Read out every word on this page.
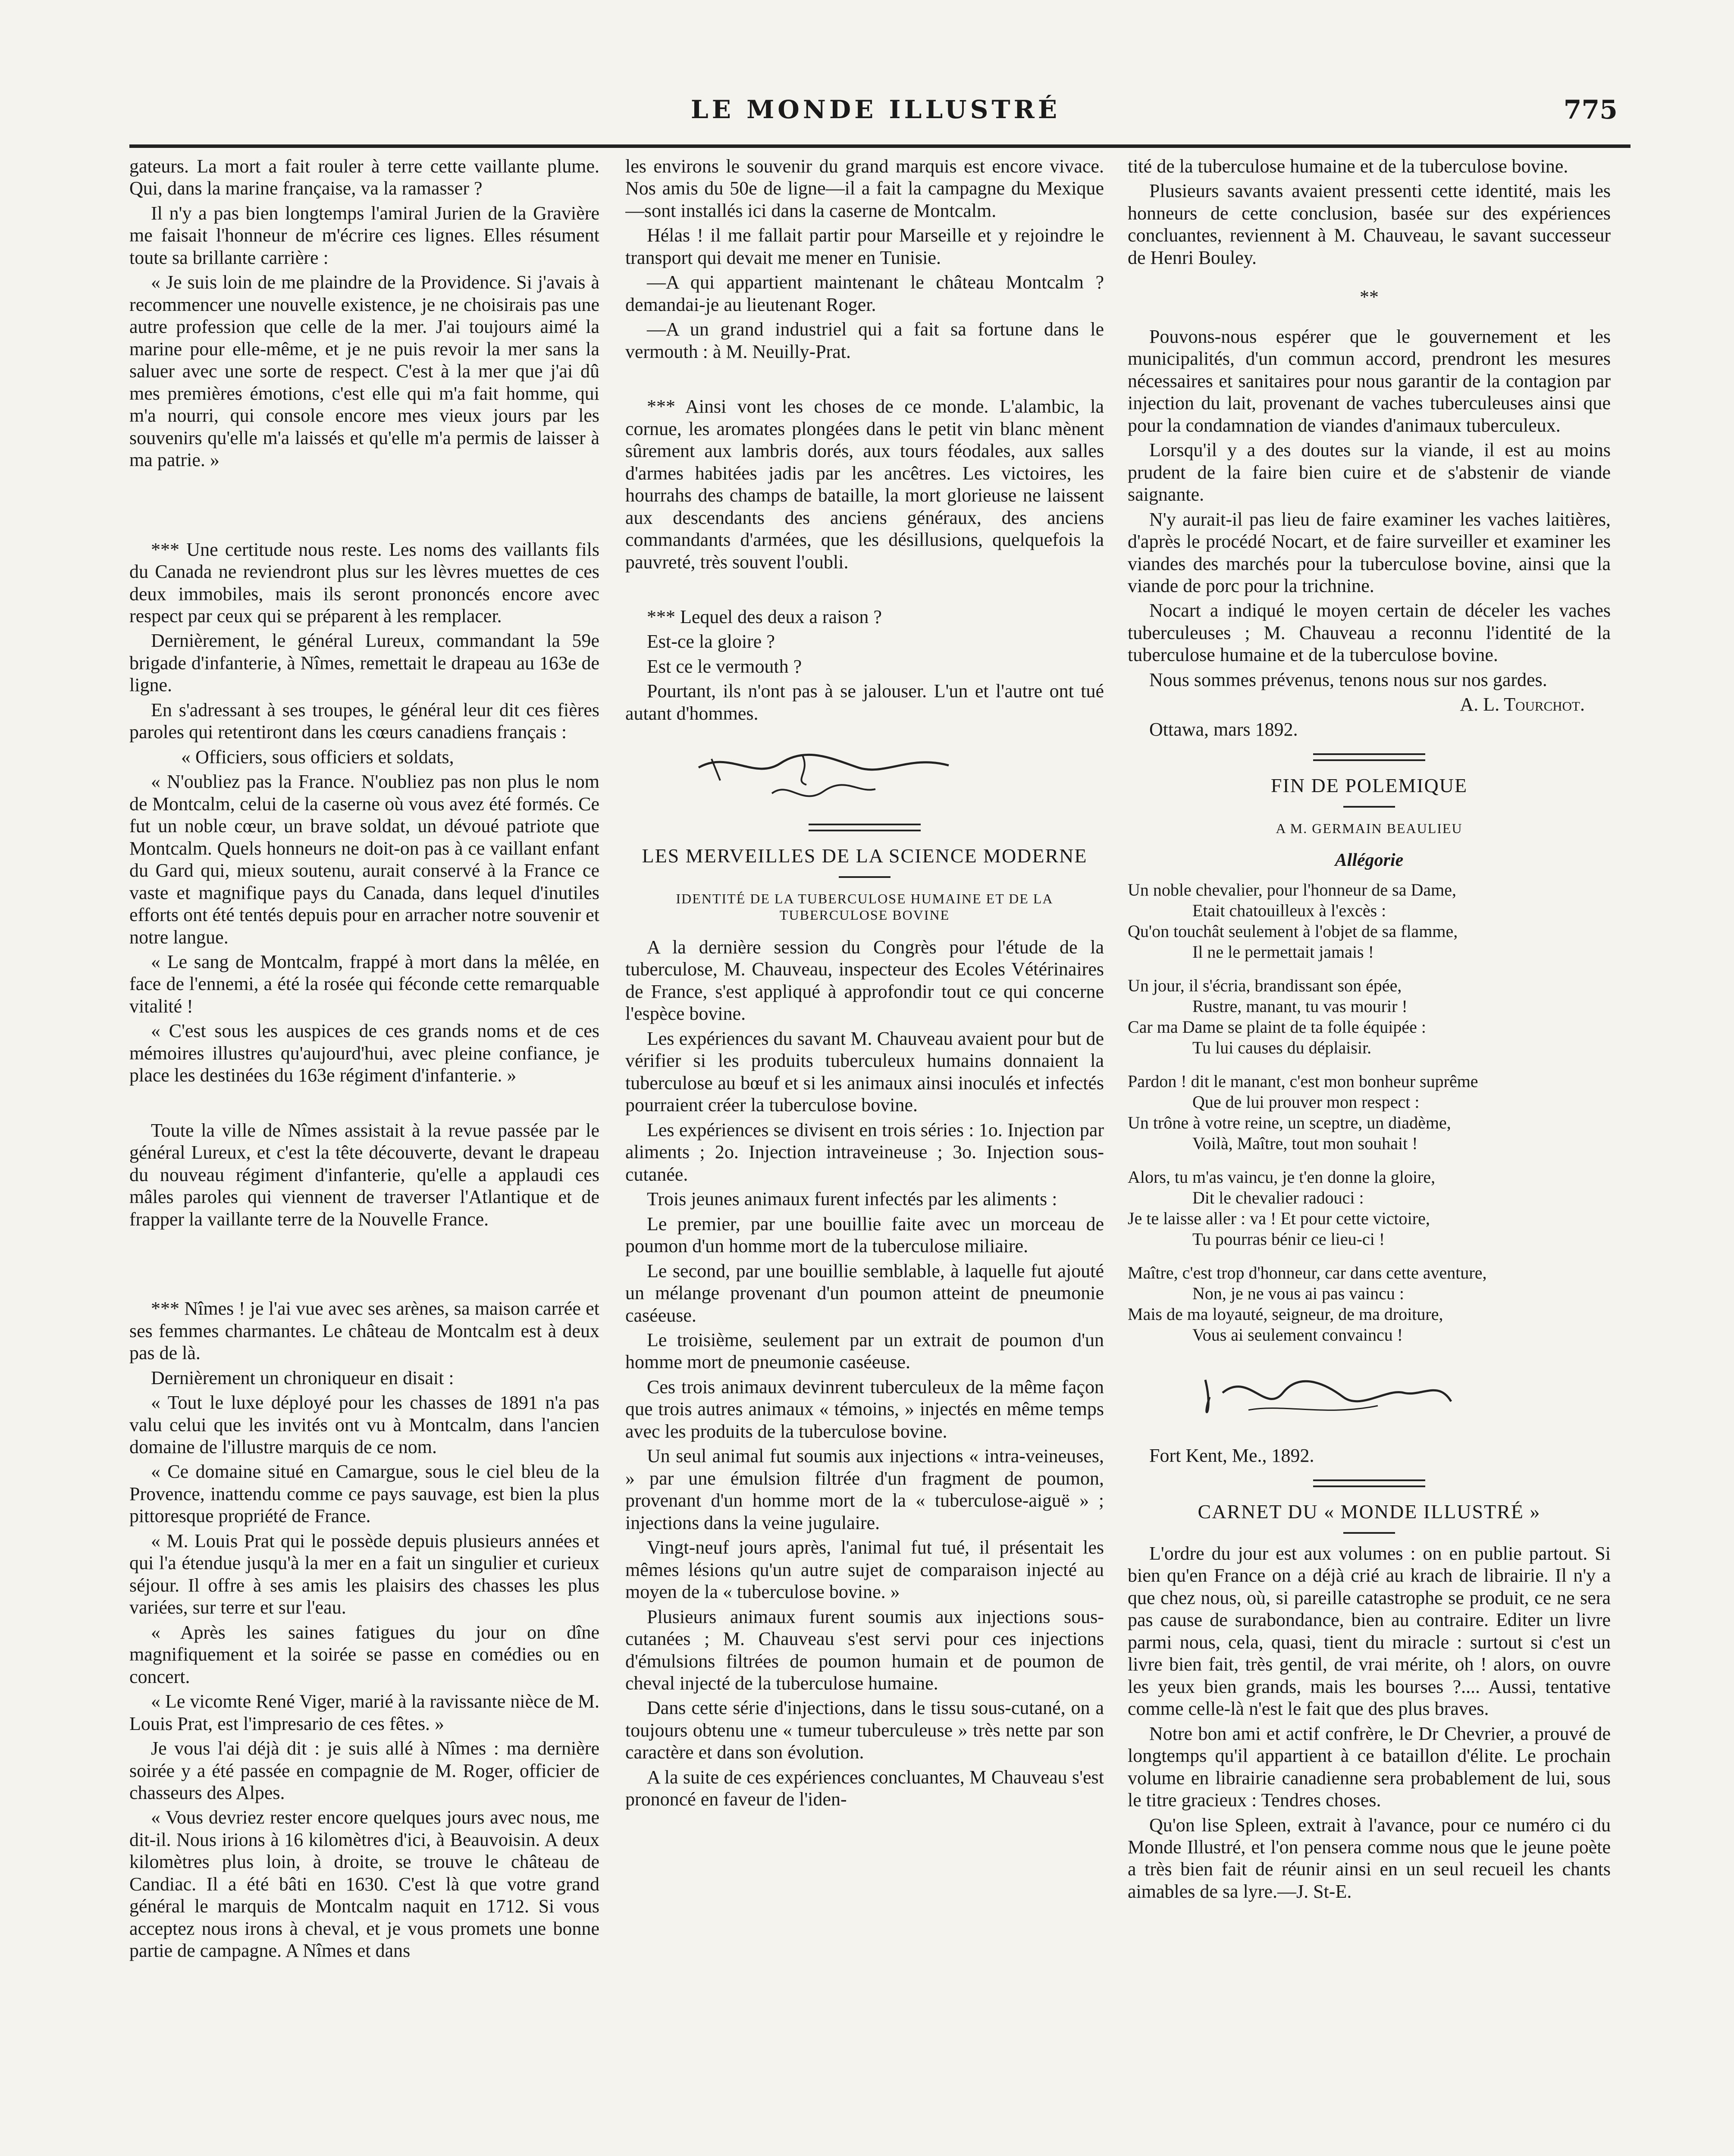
LE MONDE ILLUSTRÉ	775

gateurs. La mort a fait rouler à terre cette vaillante plume. Qui, dans la marine française, va la ramasser ?

Il n'y a pas bien longtemps l'amiral Jurien de la Gravière me faisait l'honneur de m'écrire ces lignes. Elles résument toute sa brillante carrière :

« Je suis loin de me plaindre de la Providence. Si j'avais à recommencer une nouvelle existence, je ne choisirais pas une autre profession que celle de la mer. J'ai toujours aimé la marine pour elle-même, et je ne puis revoir la mer sans la saluer avec une sorte de respect. C'est à la mer que j'ai dû mes premières émotions, c'est elle qui m'a fait homme, qui m'a nourri, qui console encore mes vieux jours par les souvenirs qu'elle m'a laissés et qu'elle m'a permis de laisser à ma patrie. »

*** Une certitude nous reste. Les noms des vaillants fils du Canada ne reviendront plus sur les lèvres muettes de ces deux immobiles, mais ils seront prononcés encore avec respect par ceux qui se préparent à les remplacer.

Dernièrement, le général Lureux, commandant la 59e brigade d'infanterie, à Nîmes, remettait le drapeau au 163e de ligne.

En s'adressant à ses troupes, le général leur dit ces fières paroles qui retentiront dans les cœurs canadiens français :

« Officiers, sous officiers et soldats,

« N'oubliez pas la France. N'oubliez pas non plus le nom de Montcalm, celui de la caserne où vous avez été formés. Ce fut un noble cœur, un brave soldat, un dévoué patriote que Montcalm. Quels honneurs ne doit-on pas à ce vaillant enfant du Gard qui, mieux soutenu, aurait conservé à la France ce vaste et magnifique pays du Canada, dans lequel d'inutiles efforts ont été tentés depuis pour en arracher notre souvenir et notre langue.

« Le sang de Montcalm, frappé à mort dans la mêlée, en face de l'ennemi, a été la rosée qui féconde cette remarquable vitalité !

« C'est sous les auspices de ces grands noms et de ces mémoires illustres qu'aujourd'hui, avec pleine confiance, je place les destinées du 163e régiment d'infanterie. »

Toute la ville de Nîmes assistait à la revue passée par le général Lureux, et c'est la tête découverte, devant le drapeau du nouveau régiment d'infanterie, qu'elle a applaudi ces mâles paroles qui viennent de traverser l'Atlantique et de frapper la vaillante terre de la Nouvelle France.

*** Nîmes ! je l'ai vue avec ses arènes, sa maison carrée et ses femmes charmantes. Le château de Montcalm est à deux pas de là.

Dernièrement un chroniqueur en disait :

« Tout le luxe déployé pour les chasses de 1891 n'a pas valu celui que les invités ont vu à Montcalm, dans l'ancien domaine de l'illustre marquis de ce nom.

« Ce domaine situé en Camargue, sous le ciel bleu de la Provence, inattendu comme ce pays sauvage, est bien la plus pittoresque propriété de France.

« M. Louis Prat qui le possède depuis plusieurs années et qui l'a étendue jusqu'à la mer en a fait un singulier et curieux séjour. Il offre à ses amis les plaisirs des chasses les plus variées, sur terre et sur l'eau.

« Après les saines fatigues du jour on dîne magnifiquement et la soirée se passe en comédies ou en concert.

« Le vicomte René Viger, marié à la ravissante nièce de M. Louis Prat, est l'impresario de ces fêtes. »

Je vous l'ai déjà dit : je suis allé à Nîmes : ma dernière soirée y a été passée en compagnie de M. Roger, officier de chasseurs des Alpes.

« Vous devriez rester encore quelques jours avec nous, me dit-il. Nous irions à 16 kilomètres d'ici, à Beauvoisin. A deux kilomètres plus loin, à droite, se trouve le château de Candiac. Il a été bâti en 1630. C'est là que votre grand général le marquis de Montcalm naquit en 1712. Si vous acceptez nous irons à cheval, et je vous promets une bonne partie de campagne. A Nîmes et dans

les environs le souvenir du grand marquis est encore vivace. Nos amis du 50e de ligne—il a fait la campagne du Mexique—sont installés ici dans la caserne de Montcalm.

Hélas ! il me fallait partir pour Marseille et y rejoindre le transport qui devait me mener en Tunisie.

—A qui appartient maintenant le château Montcalm ? demandai-je au lieutenant Roger.

—A un grand industriel qui a fait sa fortune dans le vermouth : à M. Neuilly-Prat.

*** Ainsi vont les choses de ce monde. L'alambic, la cornue, les aromates plongées dans le petit vin blanc mènent sûrement aux lambris dorés, aux tours féodales, aux salles d'armes habitées jadis par les ancêtres. Les victoires, les hourrahs des champs de bataille, la mort glorieuse ne laissent aux descendants des anciens généraux, des anciens commandants d'armées, que les désillusions, quelquefois la pauvreté, très souvent l'oubli.

*** Lequel des deux a raison ?

Est-ce la gloire ?

Est ce le vermouth ?

Pourtant, ils n'ont pas à se jalouser. L'un et l'autre ont tué autant d'hommes.

LES MERVEILLES DE LA SCIENCE MODERNE
IDENTITÉ DE LA TUBERCULOSE HUMAINE ET DE LA TUBERCULOSE BOVINE

A la dernière session du Congrès pour l'étude de la tuberculose, M. Chauveau, inspecteur des Ecoles Vétérinaires de France, s'est appliqué à approfondir tout ce qui concerne l'espèce bovine.

Les expériences du savant M. Chauveau avaient pour but de vérifier si les produits tuberculeux humains donnaient la tuberculose au bœuf et si les animaux ainsi inoculés et infectés pourraient créer la tuberculose bovine.

Les expériences se divisent en trois séries : 1o. Injection par aliments ; 2o. Injection intraveineuse ; 3o. Injection sous-cutanée.

Trois jeunes animaux furent infectés par les aliments :

Le premier, par une bouillie faite avec un morceau de poumon d'un homme mort de la tuberculose miliaire.

Le second, par une bouillie semblable, à laquelle fut ajouté un mélange provenant d'un poumon atteint de pneumonie caséeuse.

Le troisième, seulement par un extrait de poumon d'un homme mort de pneumonie caséeuse.

Ces trois animaux devinrent tuberculeux de la même façon que trois autres animaux « témoins, » injectés en même temps avec les produits de la tuberculose bovine.

Un seul animal fut soumis aux injections « intra-veineuses, » par une émulsion filtrée d'un fragment de poumon, provenant d'un homme mort de la « tuberculose-aiguë » ; injections dans la veine jugulaire.

Vingt-neuf jours après, l'animal fut tué, il présentait les mêmes lésions qu'un autre sujet de comparaison injecté au moyen de la « tuberculose bovine. »

Plusieurs animaux furent soumis aux injections sous-cutanées ; M. Chauveau s'est servi pour ces injections d'émulsions filtrées de poumon humain et de poumon de cheval injecté de la tuberculose humaine.

Dans cette série d'injections, dans le tissu sous-cutané, on a toujours obtenu une « tumeur tuberculeuse » très nette par son caractère et dans son évolution.

A la suite de ces expériences concluantes, M Chauveau s'est prononcé en faveur de l'iden-

tité de la tuberculose humaine et de la tuberculose bovine.

Plusieurs savants avaient pressenti cette identité, mais les honneurs de cette conclusion, basée sur des expériences concluantes, reviennent à M. Chauveau, le savant successeur de Henri Bouley.

**

Pouvons-nous espérer que le gouvernement et les municipalités, d'un commun accord, prendront les mesures nécessaires et sanitaires pour nous garantir de la contagion par injection du lait, provenant de vaches tuberculeuses ainsi que pour la condamnation de viandes d'animaux tuberculeux.

Lorsqu'il y a des doutes sur la viande, il est au moins prudent de la faire bien cuire et de s'abstenir de viande saignante.

N'y aurait-il pas lieu de faire examiner les vaches laitières, d'après le procédé Nocart, et de faire surveiller et examiner les viandes des marchés pour la tuberculose bovine, ainsi que la viande de porc pour la trichnine.

Nocart a indiqué le moyen certain de déceler les vaches tuberculeuses ; M. Chauveau a reconnu l'identité de la tuberculose humaine et de la tuberculose bovine.

Nous sommes prévenus, tenons nous sur nos gardes.

A. L. Tourchot.

Ottawa, mars 1892.

FIN DE POLEMIQUE
A M. GERMAIN BEAULIEU
Allégorie

Un noble chevalier, pour l'honneur de sa Dame,

Etait chatouilleux à l'excès :

Qu'on touchât seulement à l'objet de sa flamme,

Il ne le permettait jamais !

Un jour, il s'écria, brandissant son épée,

Rustre, manant, tu vas mourir !

Car ma Dame se plaint de ta folle équipée :

Tu lui causes du déplaisir.

Pardon ! dit le manant, c'est mon bonheur suprême

Que de lui prouver mon respect :

Un trône à votre reine, un sceptre, un diadème,

Voilà, Maître, tout mon souhait !

Alors, tu m'as vaincu, je t'en donne la gloire,

Dit le chevalier radouci :

Je te laisse aller : va ! Et pour cette victoire,

Tu pourras bénir ce lieu-ci !

Maître, c'est trop d'honneur, car dans cette aventure,

Non, je ne vous ai pas vaincu :

Mais de ma loyauté, seigneur, de ma droiture,

Vous ai seulement convaincu !

Fort Kent, Me., 1892.

CARNET DU « MONDE ILLUSTRÉ »

L'ordre du jour est aux volumes : on en publie partout. Si bien qu'en France on a déjà crié au krach de librairie. Il n'y a que chez nous, où, si pareille catastrophe se produit, ce ne sera pas cause de surabondance, bien au contraire. Editer un livre parmi nous, cela, quasi, tient du miracle : surtout si c'est un livre bien fait, très gentil, de vrai mérite, oh ! alors, on ouvre les yeux bien grands, mais les bourses ?.... Aussi, tentative comme celle-là n'est le fait que des plus braves.

Notre bon ami et actif confrère, le Dr Chevrier, a prouvé de longtemps qu'il appartient à ce bataillon d'élite. Le prochain volume en librairie canadienne sera probablement de lui, sous le titre gracieux : Tendres choses.

Qu'on lise Spleen, extrait à l'avance, pour ce numéro ci du Monde Illustré, et l'on pensera comme nous que le jeune poète a très bien fait de réunir ainsi en un seul recueil les chants aimables de sa lyre.—J. St-E.
